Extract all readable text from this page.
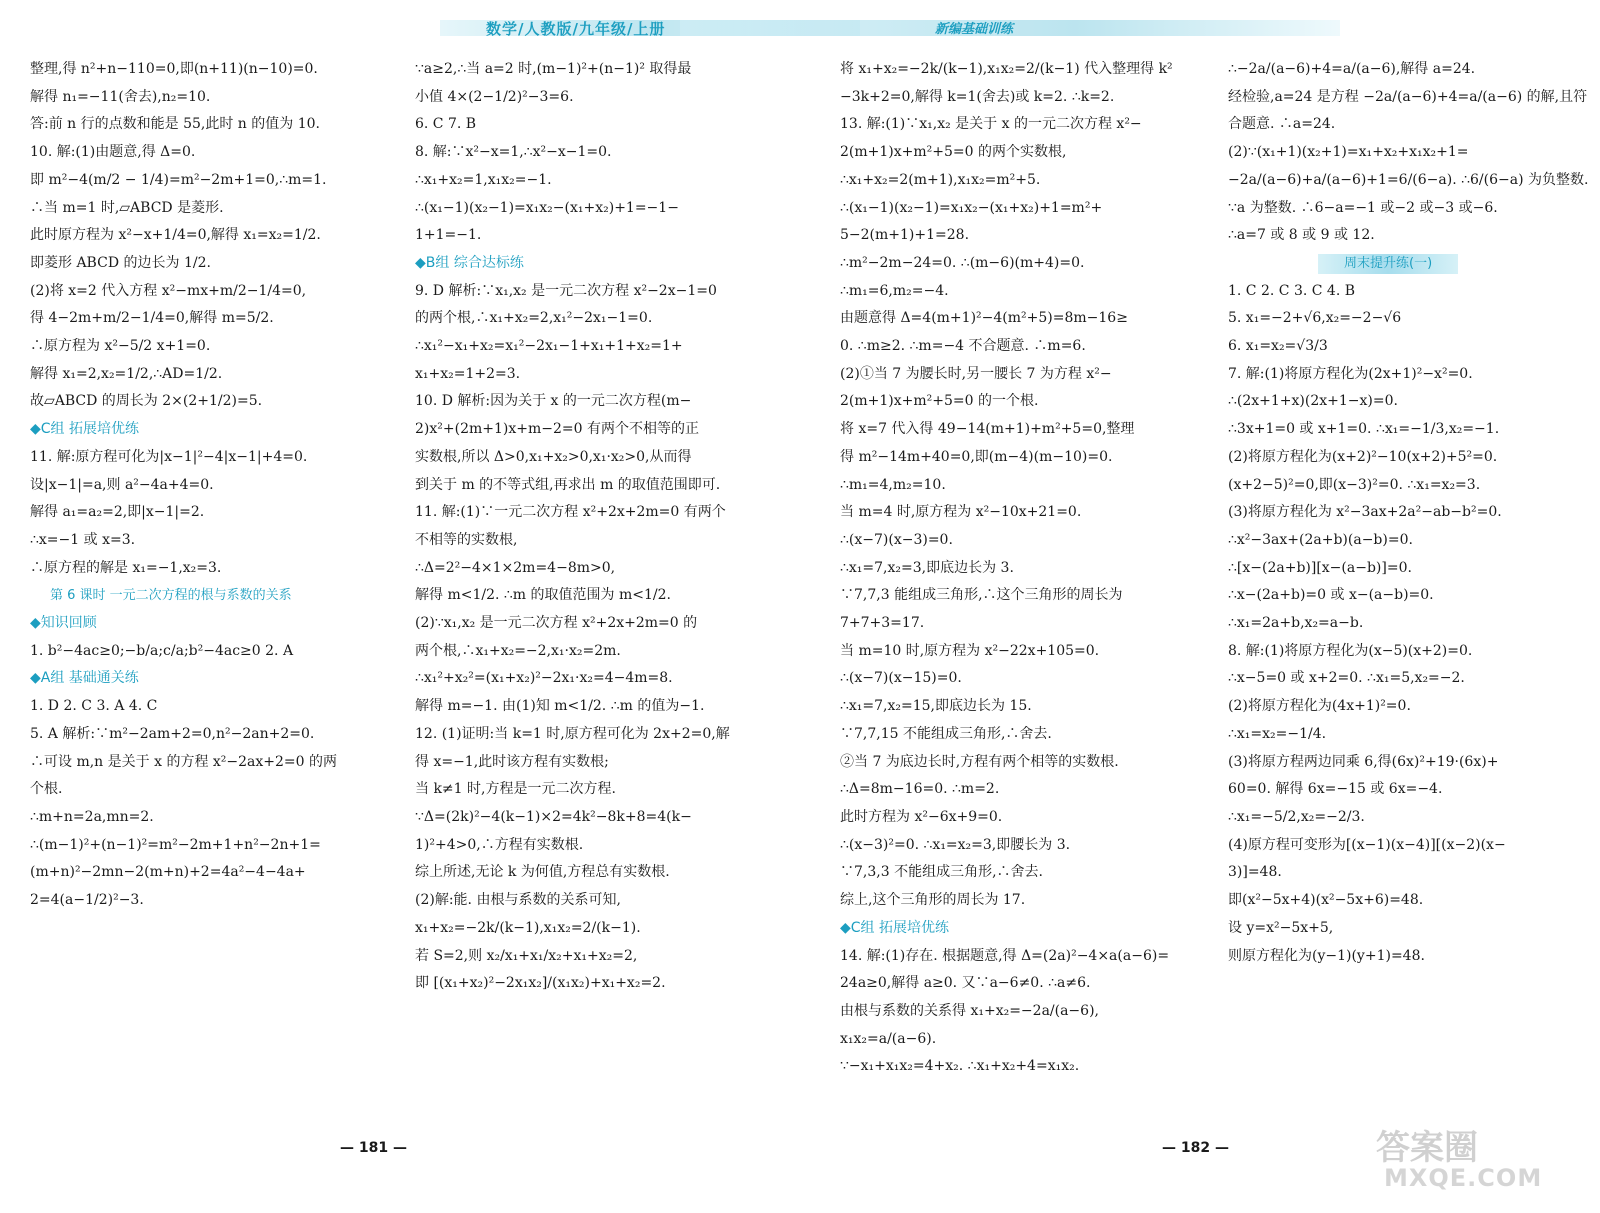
数学/人教版/九年级/上册	新编基础训练

整理,得 n²+n−110=0,即(n+11)(n−10)=0.

解得 n₁=−11(舍去),n₂=10.

答:前 n 行的点数和能是 55,此时 n 的值为 10.

10. 解:(1)由题意,得 Δ=0.

即 m²−4(m/2 − 1/4)=m²−2m+1=0,∴m=1.

∴当 m=1 时,▱ABCD 是菱形.

此时原方程为 x²−x+1/4=0,解得 x₁=x₂=1/2.

即菱形 ABCD 的边长为 1/2.

(2)将 x=2 代入方程 x²−mx+m/2−1/4=0,

得 4−2m+m/2−1/4=0,解得 m=5/2.

∴原方程为 x²−5/2 x+1=0.

解得 x₁=2,x₂=1/2,∴AD=1/2.

故▱ABCD 的周长为 2×(2+1/2)=5.

◆C组 拓展培优练

11. 解:原方程可化为|x−1|²−4|x−1|+4=0.

设|x−1|=a,则 a²−4a+4=0.

解得 a₁=a₂=2,即|x−1|=2.

∴x=−1 或 x=3.

∴原方程的解是 x₁=−1,x₂=3.

第 6 课时 一元二次方程的根与系数的关系

◆知识回顾

1. b²−4ac≥0;−b/a;c/a;b²−4ac≥0 2. A

◆A组 基础通关练

1. D 2. C 3. A 4. C

5. A 解析:∵m²−2am+2=0,n²−2an+2=0.

∴可设 m,n 是关于 x 的方程 x²−2ax+2=0 的两

个根.

∴m+n=2a,mn=2.

∴(m−1)²+(n−1)²=m²−2m+1+n²−2n+1=

(m+n)²−2mn−2(m+n)+2=4a²−4−4a+

2=4(a−1/2)²−3.

∵a≥2,∴当 a=2 时,(m−1)²+(n−1)² 取得最

小值 4×(2−1/2)²−3=6.

6. C 7. B

8. 解:∵x²−x=1,∴x²−x−1=0.

∴x₁+x₂=1,x₁x₂=−1.

∴(x₁−1)(x₂−1)=x₁x₂−(x₁+x₂)+1=−1−

1+1=−1.

◆B组 综合达标练

9. D 解析:∵x₁,x₂ 是一元二次方程 x²−2x−1=0

的两个根,∴x₁+x₂=2,x₁²−2x₁−1=0.

∴x₁²−x₁+x₂=x₁²−2x₁−1+x₁+1+x₂=1+

x₁+x₂=1+2=3.

10. D 解析:因为关于 x 的一元二次方程(m−

2)x²+(2m+1)x+m−2=0 有两个不相等的正

实数根,所以 Δ>0,x₁+x₂>0,x₁·x₂>0,从而得

到关于 m 的不等式组,再求出 m 的取值范围即可.

11. 解:(1)∵一元二次方程 x²+2x+2m=0 有两个

不相等的实数根,

∴Δ=2²−4×1×2m=4−8m>0,

解得 m<1/2. ∴m 的取值范围为 m<1/2.

(2)∵x₁,x₂ 是一元二次方程 x²+2x+2m=0 的

两个根,∴x₁+x₂=−2,x₁·x₂=2m.

∴x₁²+x₂²=(x₁+x₂)²−2x₁·x₂=4−4m=8.

解得 m=−1. 由(1)知 m<1/2. ∴m 的值为−1.

12. (1)证明:当 k=1 时,原方程可化为 2x+2=0,解

得 x=−1,此时该方程有实数根;

当 k≠1 时,方程是一元二次方程.

∵Δ=(2k)²−4(k−1)×2=4k²−8k+8=4(k−

1)²+4>0,∴方程有实数根.

综上所述,无论 k 为何值,方程总有实数根.

(2)解:能. 由根与系数的关系可知,

x₁+x₂=−2k/(k−1),x₁x₂=2/(k−1).

若 S=2,则 x₂/x₁+x₁/x₂+x₁+x₂=2,

即 [(x₁+x₂)²−2x₁x₂]/(x₁x₂)+x₁+x₂=2.

将 x₁+x₂=−2k/(k−1),x₁x₂=2/(k−1) 代入整理得 k²

−3k+2=0,解得 k=1(舍去)或 k=2. ∴k=2.

13. 解:(1)∵x₁,x₂ 是关于 x 的一元二次方程 x²−

2(m+1)x+m²+5=0 的两个实数根,

∴x₁+x₂=2(m+1),x₁x₂=m²+5.

∴(x₁−1)(x₂−1)=x₁x₂−(x₁+x₂)+1=m²+

5−2(m+1)+1=28.

∴m²−2m−24=0. ∴(m−6)(m+4)=0.

∴m₁=6,m₂=−4.

由题意得 Δ=4(m+1)²−4(m²+5)=8m−16≥

0. ∴m≥2. ∴m=−4 不合题意. ∴m=6.

(2)①当 7 为腰长时,另一腰长 7 为方程 x²−

2(m+1)x+m²+5=0 的一个根.

将 x=7 代入得 49−14(m+1)+m²+5=0,整理

得 m²−14m+40=0,即(m−4)(m−10)=0.

∴m₁=4,m₂=10.

当 m=4 时,原方程为 x²−10x+21=0.

∴(x−7)(x−3)=0.

∴x₁=7,x₂=3,即底边长为 3.

∵7,7,3 能组成三角形,∴这个三角形的周长为

7+7+3=17.

当 m=10 时,原方程为 x²−22x+105=0.

∴(x−7)(x−15)=0.

∴x₁=7,x₂=15,即底边长为 15.

∵7,7,15 不能组成三角形,∴舍去.

②当 7 为底边长时,方程有两个相等的实数根.

∴Δ=8m−16=0. ∴m=2.

此时方程为 x²−6x+9=0.

∴(x−3)²=0. ∴x₁=x₂=3,即腰长为 3.

∵7,3,3 不能组成三角形,∴舍去.

综上,这个三角形的周长为 17.

◆C组 拓展培优练

14. 解:(1)存在. 根据题意,得 Δ=(2a)²−4×a(a−6)=

24a≥0,解得 a≥0. 又∵a−6≠0. ∴a≠6.

由根与系数的关系得 x₁+x₂=−2a/(a−6),

x₁x₂=a/(a−6).

∵−x₁+x₁x₂=4+x₂. ∴x₁+x₂+4=x₁x₂.

∴−2a/(a−6)+4=a/(a−6),解得 a=24.

经检验,a=24 是方程 −2a/(a−6)+4=a/(a−6) 的解,且符

合题意. ∴a=24.

(2)∵(x₁+1)(x₂+1)=x₁+x₂+x₁x₂+1=

−2a/(a−6)+a/(a−6)+1=6/(6−a). ∴6/(6−a) 为负整数.

∵a 为整数. ∴6−a=−1 或−2 或−3 或−6.

∴a=7 或 8 或 9 或 12.

周末提升练(一)

1. C 2. C 3. C 4. B

5. x₁=−2+√6,x₂=−2−√6

6. x₁=x₂=√3/3

7. 解:(1)将原方程化为(2x+1)²−x²=0.

∴(2x+1+x)(2x+1−x)=0.

∴3x+1=0 或 x+1=0. ∴x₁=−1/3,x₂=−1.

(2)将原方程化为(x+2)²−10(x+2)+5²=0.

(x+2−5)²=0,即(x−3)²=0. ∴x₁=x₂=3.

(3)将原方程化为 x²−3ax+2a²−ab−b²=0.

∴x²−3ax+(2a+b)(a−b)=0.

∴[x−(2a+b)][x−(a−b)]=0.

∴x−(2a+b)=0 或 x−(a−b)=0.

∴x₁=2a+b,x₂=a−b.

8. 解:(1)将原方程化为(x−5)(x+2)=0.

∴x−5=0 或 x+2=0. ∴x₁=5,x₂=−2.

(2)将原方程化为(4x+1)²=0.

∴x₁=x₂=−1/4.

(3)将原方程两边同乘 6,得(6x)²+19·(6x)+

60=0. 解得 6x=−15 或 6x=−4.

∴x₁=−5/2,x₂=−2/3.

(4)原方程可变形为[(x−1)(x−4)][(x−2)(x−

3)]=48.

即(x²−5x+4)(x²−5x+6)=48.

设 y=x²−5x+5,

则原方程化为(y−1)(y+1)=48.

— 181 —	— 182 —	答案圈
MXQE.COM
